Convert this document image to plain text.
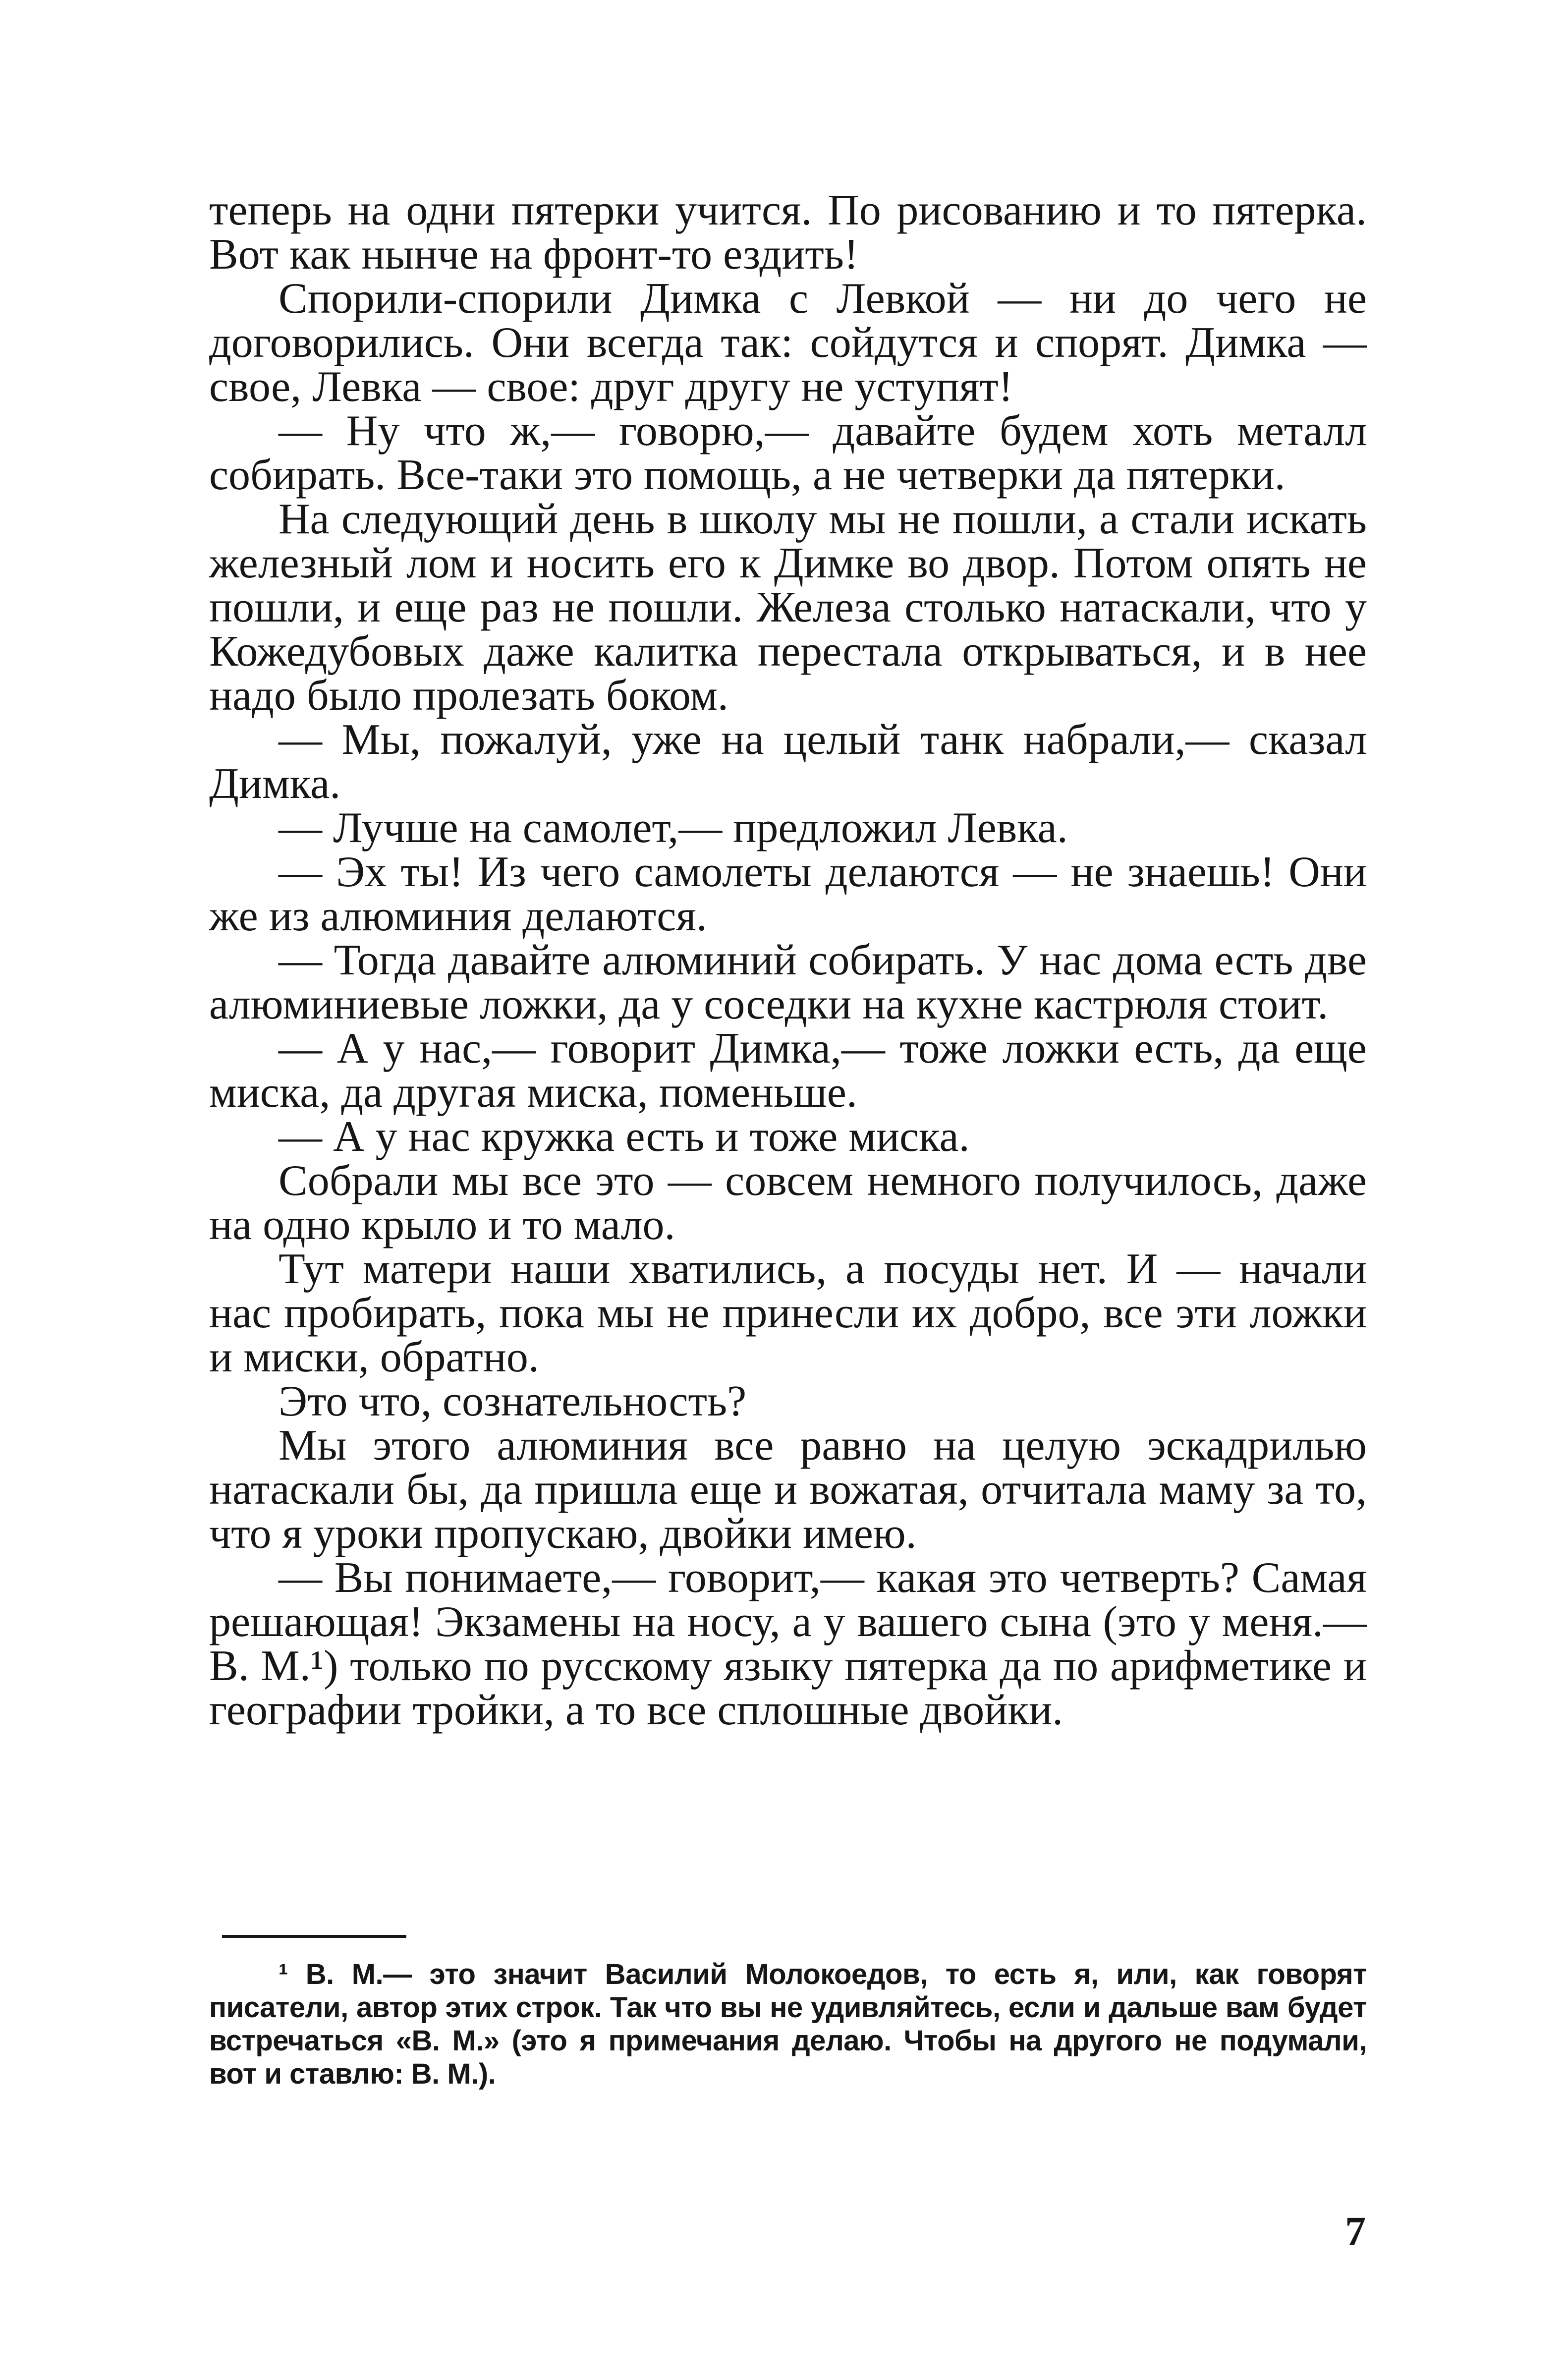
теперь на одни пятерки учится. По рисованию и то пятерка. Вот как нынче на фронт-то ездить!

Спорили-спорили Димка с Левкой — ни до чего не договорились. Они всегда так: сойдутся и спорят. Димка — свое, Левка — свое: друг другу не уступят!

— Ну что ж,— говорю,— давайте будем хоть металл собирать. Все-таки это помощь, а не четверки да пятерки.

На следующий день в школу мы не пошли, а стали искать железный лом и носить его к Димке во двор. Потом опять не пошли, и еще раз не пошли. Железа столько натаскали, что у Кожедубовых даже калитка перестала открываться, и в нее надо было пролезать боком.

— Мы, пожалуй, уже на целый танк набрали,— сказал Димка.

— Лучше на самолет,— предложил Левка.

— Эх ты! Из чего самолеты делаются — не знаешь! Они же из алюминия делаются.

— Тогда давайте алюминий собирать. У нас дома есть две алюминиевые ложки, да у соседки на кухне кастрюля стоит.

— А у нас,— говорит Димка,— тоже ложки есть, да еще миска, да другая миска, поменьше.

— А у нас кружка есть и тоже миска.

Собрали мы все это — совсем немного получилось, даже на одно крыло и то мало.

Тут матери наши хватились, а посуды нет. И — начали нас пробирать, пока мы не принесли их добро, все эти ложки и миски, обратно.

Это что, сознательность?

Мы этого алюминия все равно на целую эскадрилью натаскали бы, да пришла еще и вожатая, отчитала маму за то, что я уроки пропускаю, двойки имею.

— Вы понимаете,— говорит,— какая это четверть? Самая решающая! Экзамены на носу, а у вашего сына (это у меня.— В. М.¹) только по русскому языку пятерка да по арифметике и географии тройки, а то все сплошные двойки.

¹ В. М.— это значит Василий Молокоедов, то есть я, или, как говорят писатели, автор этих строк. Так что вы не удивляйтесь, если и дальше вам будет встречаться «В. М.» (это я примечания делаю. Чтобы на другого не подумали, вот и ставлю: В. М.).

7
